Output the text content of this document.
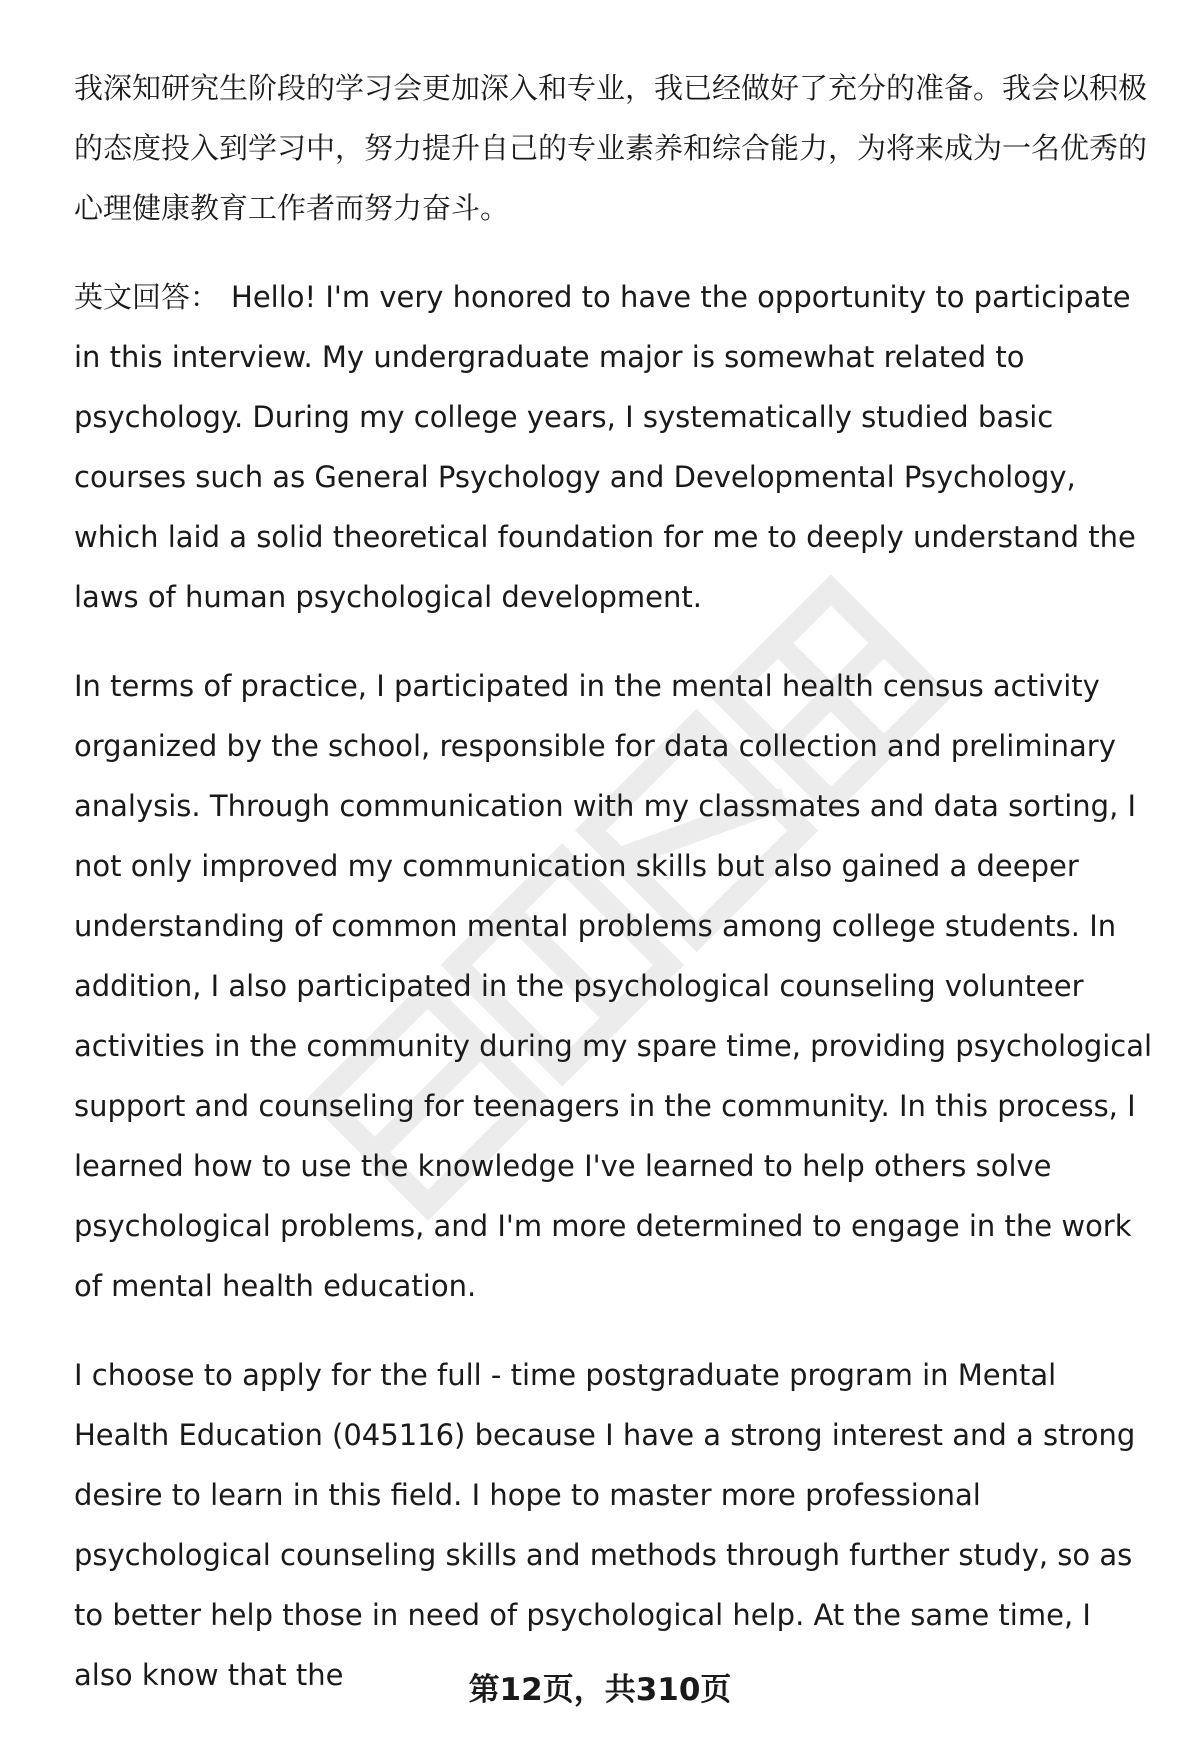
我深知研究生阶段的学习会更加深入和专业，我已经做好了充分的准备。我会以积极的态度投入到学习中，努力提升自己的专业素养和综合能力，为将来成为一名优秀的心理健康教育工作者而努力奋斗。

英文回答： Hello! I'm very honored to have the opportunity to participate in this interview. My undergraduate major is somewhat related to psychology. During my college years, I systematically studied basic courses such as General Psychology and Developmental Psychology, which laid a solid theoretical foundation for me to deeply understand the laws of human psychological development.

In terms of practice, I participated in the mental health census activity organized by the school, responsible for data collection and preliminary analysis. Through communication with my classmates and data sorting, I not only improved my communication skills but also gained a deeper understanding of common mental problems among college students. In addition, I also participated in the psychological counseling volunteer activities in the community during my spare time, providing psychological support and counseling for teenagers in the community. In this process, I learned how to use the knowledge I've learned to help others solve psychological problems, and I'm more determined to engage in the work of mental health education.

I choose to apply for the full - time postgraduate program in Mental Health Education (045116) because I have a strong interest and a strong desire to learn in this field. I hope to master more professional psychological counseling skills and methods through further study, so as to better help those in need of psychological help. At the same time, I also know that the	第12页，共310页
